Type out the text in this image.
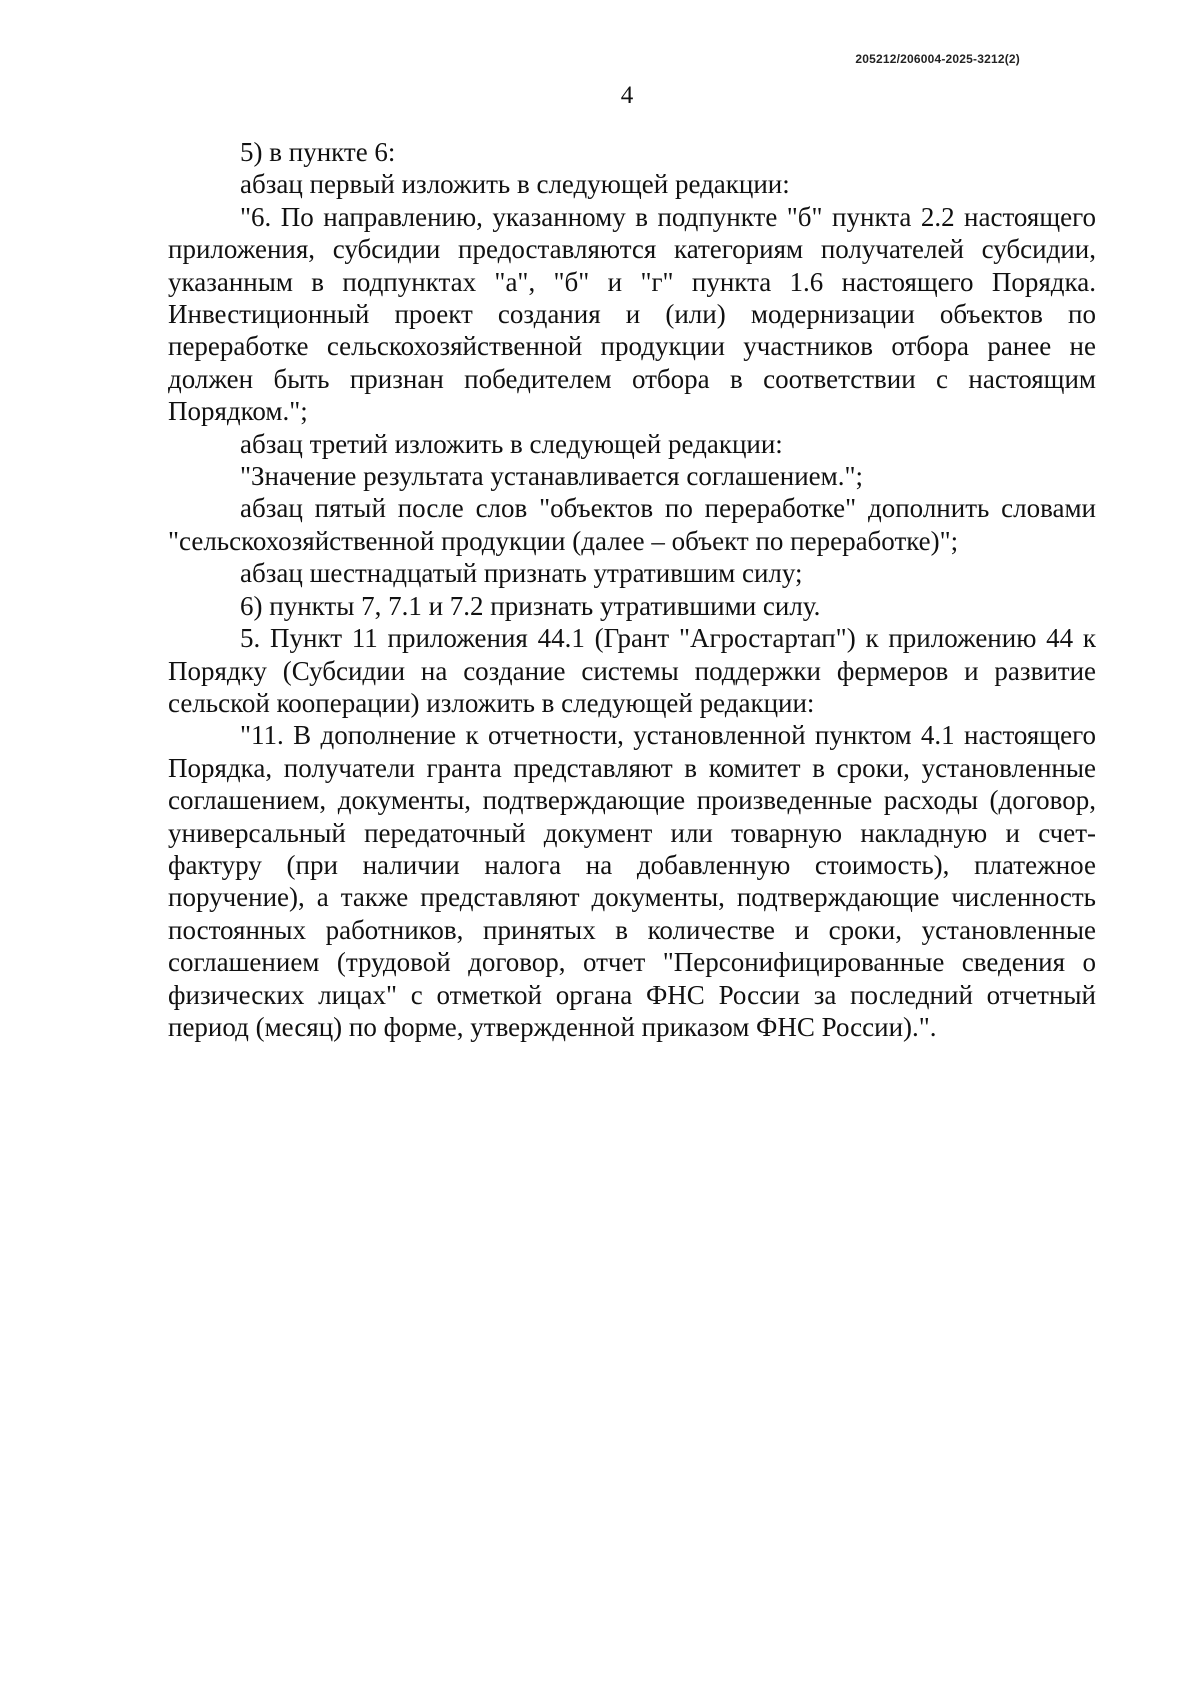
205212/206004-2025-3212(2)
4

5) в пункте 6:

абзац первый изложить в следующей редакции:

"6. По направлению, указанному в подпункте "б" пункта 2.2 настоящего приложения, субсидии предоставляются категориям получателей субсидии, указанным в подпунктах "а", "б" и "г" пункта 1.6 настоящего Порядка. Инвестиционный проект создания и (или) модернизации объектов по переработке сельскохозяйственной продукции участников отбора ранее не должен быть признан победителем отбора в соответствии с настоящим Порядком.";

абзац третий изложить в следующей редакции:

"Значение результата устанавливается соглашением.";

абзац пятый после слов "объектов по переработке" дополнить словами "сельскохозяйственной продукции (далее – объект по переработке)";

абзац шестнадцатый признать утратившим силу;

6) пункты 7, 7.1 и 7.2 признать утратившими силу.

5. Пункт 11 приложения 44.1 (Грант "Агростартап") к приложению 44 к Порядку (Субсидии на создание системы поддержки фермеров и развитие сельской кооперации) изложить в следующей редакции:

"11. В дополнение к отчетности, установленной пунктом 4.1 настоящего Порядка, получатели гранта представляют в комитет в сроки, установленные соглашением, документы, подтверждающие произведенные расходы (договор, универсальный передаточный документ или товарную накладную и счет-фактуру (при наличии налога на добавленную стоимость), платежное поручение), а также представляют документы, подтверждающие численность постоянных работников, принятых в количестве и сроки, установленные соглашением (трудовой договор, отчет "Персонифицированные сведения о физических лицах" с отметкой органа ФНС России за последний отчетный период (месяц) по форме, утвержденной приказом ФНС России).".
